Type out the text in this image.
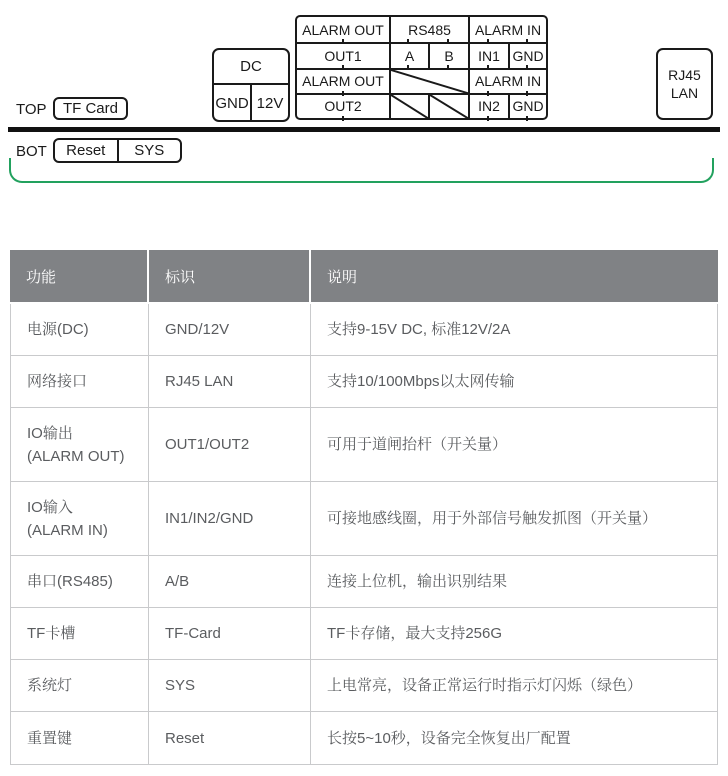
ALARM OUT	RS485	ALARM IN
OUT1	A	B	IN1 GND
ALARM OUT	ALARM IN
OUT2	IN2 GND
DC
GND 12V
TOP	TF Card
RJ45
LAN
BOT	Reset	SYS
功能	标识	说明
电源(DC)	GND/12V	支持9-15V DC, 标准12V/2A
网络接口	RJ45 LAN	支持10/100Mbps以太网传输
IO输出
(ALARM OUT)
OUT1/OUT2	可用于道闸抬杆（开关量）
IO输入
(ALARM IN)
IN1/IN2/GND	可接地感线圈，用于外部信号触发抓图（开关量）
串口(RS485)	A/B	连接上位机，输出识别结果
TF卡槽	TF-Card	TF卡存储，最大支持256G
系统灯	SYS	上电常亮，设备正常运行时指示灯闪烁（绿色）
重置键	Reset	长按5~10秒，设备完全恢复出厂配置
